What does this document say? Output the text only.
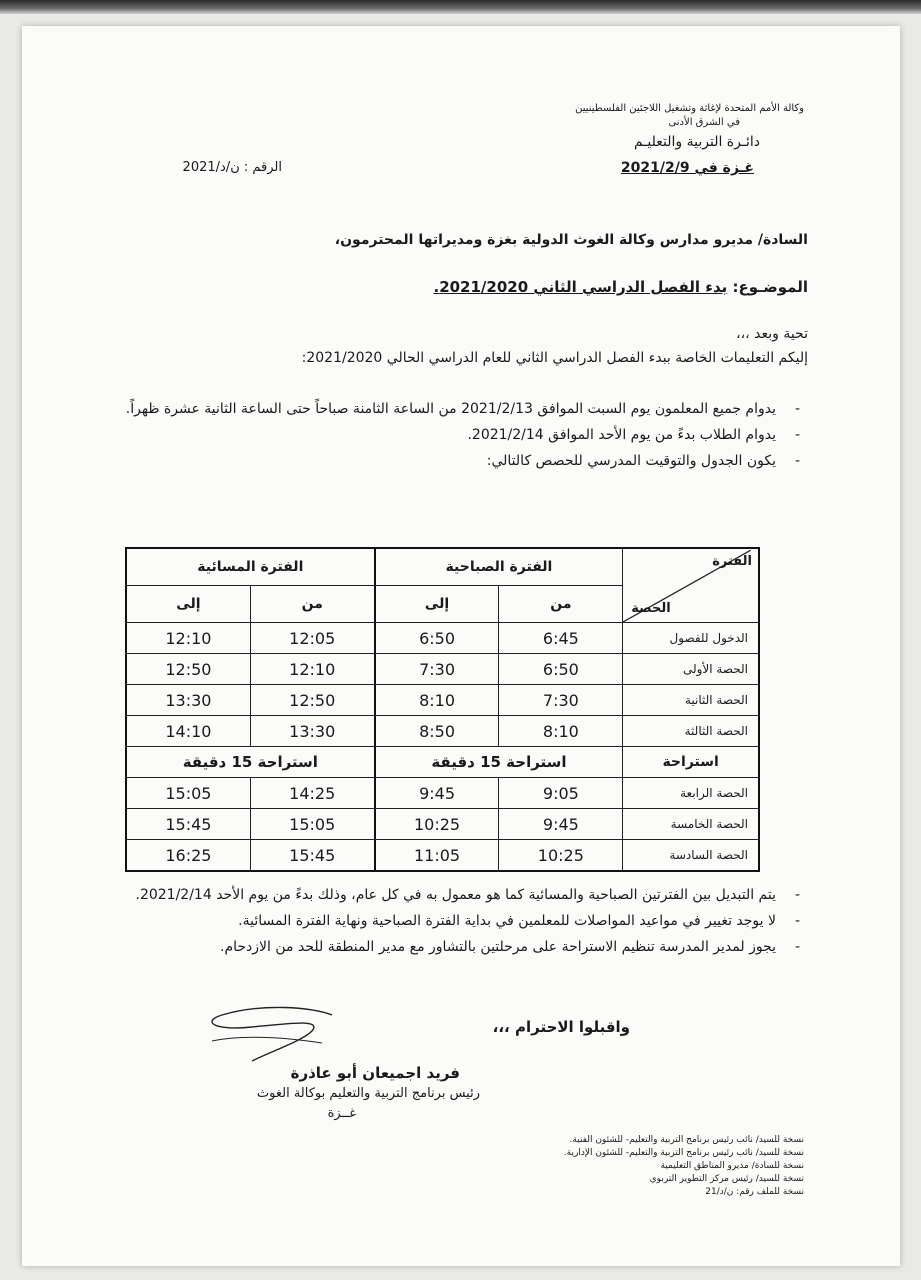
وكالة الأمم المتحدة لإغاثة وتشغيل اللاجئين الفلسطينيين
في الشرق الأدنى
دائـرة التربية والتعليـم
غـزة في 2021/2/9
الرقم : ن/د/2021
السادة/ مديرو مدارس وكالة الغوث الدولية بغزة ومديراتها المحترمون،
الموضـوع: بدء الفصل الدراسي الثاني 2021/2020.
تحية وبعد ،،،
إليكم التعليمات الخاصة ببدء الفصل الدراسي الثاني للعام الدراسي الحالي 2021/2020:
- يدوام جميع المعلمون يوم السبت الموافق 2021/2/13 من الساعة الثامنة صباحاً حتى الساعة الثانية عشرة ظهراً.
- يدوام الطلاب بدءً من يوم الأحد الموافق 2021/2/14.
- يكون الجدول والتوقيت المدرسي للحصص كالتالي:
الفترة
الحصة	الفترة الصباحية		الفترة المسائية	
	من	إلى	من	إلى
الدخول للفصول	6:45	6:50	12:05	12:10
الحصة الأولى	6:50	7:30	12:10	12:50
الحصة الثانية	7:30	8:10	12:50	13:30
الحصة الثالثة	8:10	8:50	13:30	14:10
استراحة	استراحة 15 دقيقة		استراحة 15 دقيقة	
الحصة الرابعة	9:05	9:45	14:25	15:05
الحصة الخامسة	9:45	10:25	15:05	15:45
الحصة السادسة	10:25	11:05	15:45	16:25
- يتم التبديل بين الفترتين الصباحية والمسائية كما هو معمول به في كل عام، وذلك بدءً من يوم الأحد 2021/2/14.
- لا يوجد تغيير في مواعيد المواصلات للمعلمين في بداية الفترة الصباحية ونهاية الفترة المسائية.
- يجوز لمدير المدرسة تنظيم الاستراحة على مرحلتين بالتشاور مع مدير المنطقة للحد من الازدحام.
واقبلوا الاحترام ،،،
فريد اجميعان أبو عاذرة
رئيس برنامج التربية والتعليم بوكالة الغوث
غــزة
نسخة للسيد/ نائب رئيس برنامج التربية والتعليم- للشئون الفنية.
نسخة للسيد/ نائب رئيس برنامج التربية والتعليم- للشئون الإدارية.
نسخة للسادة/ مديرو المناطق التعليمية
نسخة للسيد/ رئيس مركز التطوير التربوي
نسخة للملف رقم: ن/د/21
